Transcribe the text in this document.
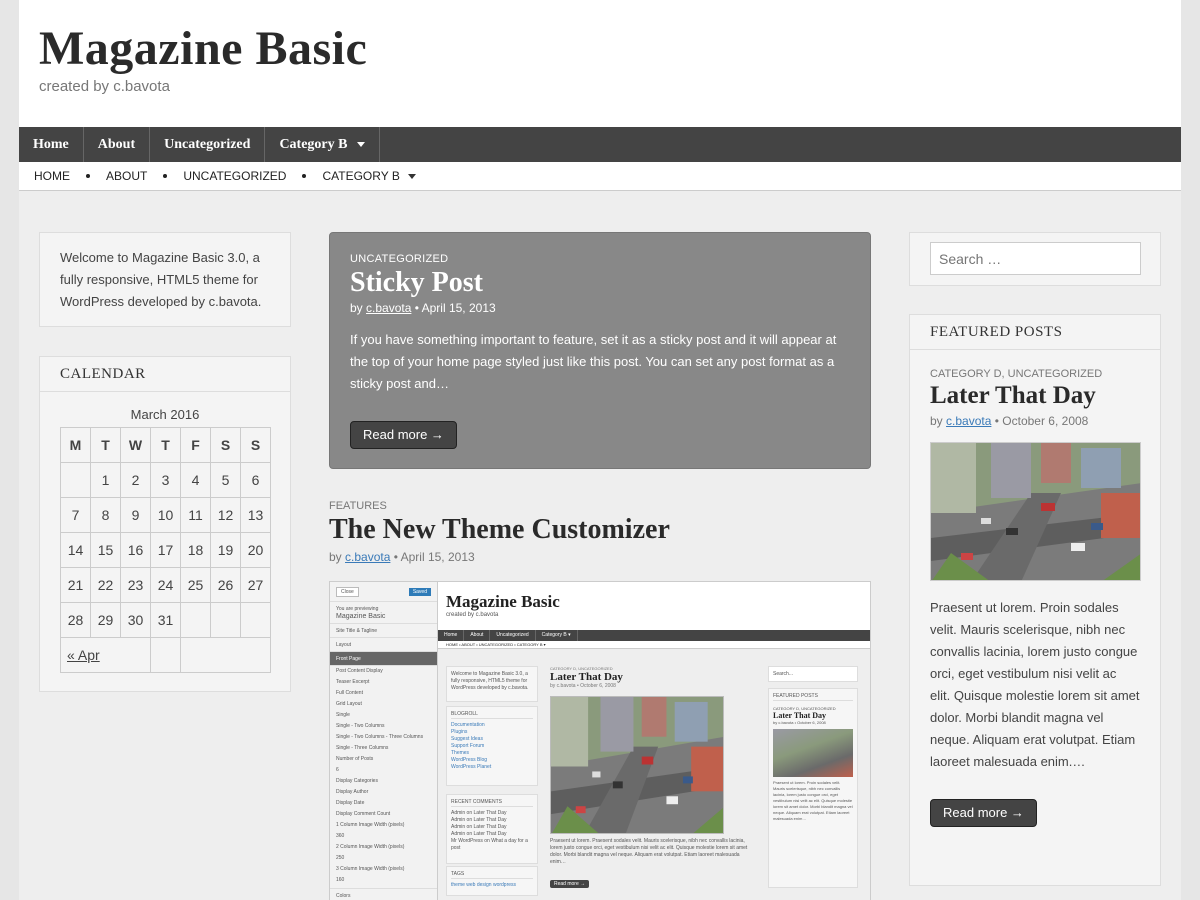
Magazine Basic
created by c.bavota
Home About Uncategorized Category B
HOME	ABOUT	UNCATEGORIZED	CATEGORY B
Welcome to Magazine Basic 3.0, a fully responsive, HTML5 theme for WordPress developed by c.bavota.
CALENDAR
March 2016
M	T	W	T	F	S	S
	1	2	3	4	5	6
7	8	9	10	11	12	13
14	15	16	17	18	19	20
21	22	23	24	25	26	27
28	29	30	31			
« Apr						
UNCATEGORIZED
Sticky Post
by c.bavota • April 15, 2013
If you have something important to feature, set it as a sticky post and it will appear at the top of your home page styled just like this post. You can set any post format as a sticky post and…
Read more →
FEATURES
The New Theme Customizer
by c.bavota • April 15, 2013
Close	Saved
You are previewing
Magazine Basic
Site Title & Tagline
Layout
Front Page
Post Content Display
Teaser Excerpt
Full Content
Grid Layout
Single
Single - Two Columns
Single - Two Columns - Three Columns
Single - Three Columns
Number of Posts
6
Display Categories
Display Author
Display Date
Display Comment Count
1 Column Image Width (pixels)
360
2 Column Image Width (pixels)
250
3 Column Image Width (pixels)
160
Colors
Magazine Basic
created by c.bavota
Home	About	Uncategorized	Category B ▾
HOME • ABOUT • UNCATEGORIZED • CATEGORY B ▾
Welcome to Magazine Basic 3.0, a fully responsive, HTML5 theme for WordPress developed by c.bavota.
BLOGROLL
Documentation
Plugins
Suggest Ideas
Support Forum
Themes
WordPress Blog
WordPress Planet
RECENT COMMENTS
Admin on Later That Day
Admin on Later That Day
Admin on Later That Day
Admin on Later That Day
Mr WordPress on What a day for a post
TAGS
theme web design wordpress
CATEGORY D, UNCATEGORIZED
Later That Day
by c.bavota • October 6, 2008
Praesent ut lorem. Praesent sodales velit. Mauris scelerisque, nibh nec convallis lacinia, lorem justo congue orci, eget vestibulum nisi velit ac elit. Quisque molestie lorem sit amet dolor. Morbi blandit magna vel neque. Aliquam erat volutpat. Etiam laoreet malesuada enim…
Read more →
Search...
FEATURED POSTS
CATEGORY D, UNCATEGORIZED
Later That Day
by c.bavota • October 6, 2008
Praesent ut lorem. Proin sodales velit. Mauris scelerisque, nibh nec convallis lacinia, lorem justo congue orci, eget vestibulum nisi velit ac elit. Quisque molestie lorem sit amet dolor. Morbi blandit magna vel neque. Aliquam erat volutpat. Etiam laoreet malesuada enim…
Search …
FEATURED POSTS
CATEGORY D, UNCATEGORIZED
Later That Day
by c.bavota • October 6, 2008
Praesent ut lorem. Proin sodales velit. Mauris scelerisque, nibh nec convallis lacinia, lorem justo congue orci, eget vestibulum nisi velit ac elit. Quisque molestie lorem sit amet dolor. Morbi blandit magna vel neque. Aliquam erat volutpat. Etiam laoreet malesuada enim.…
Read more →
